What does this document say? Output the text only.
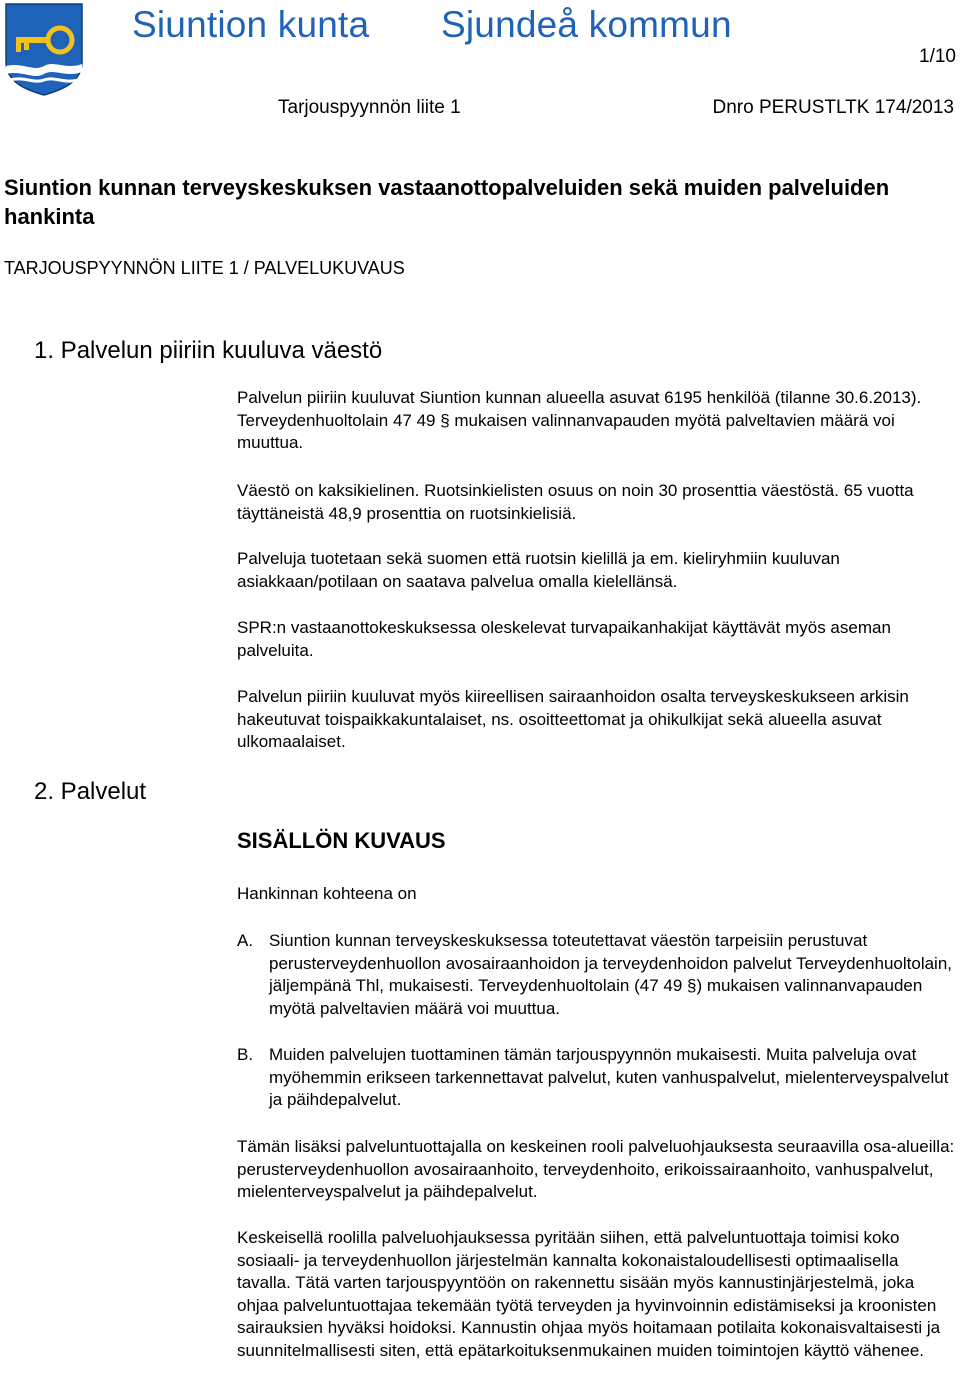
Siuntion kunta Sjundeå kommun
1/10
Tarjouspyynnön liite 1	Dnro PERUSTLTK 174/2013
Siuntion kunnan terveyskeskuksen vastaanottopalveluiden sekä muiden palveluiden hankinta
TARJOUSPYYNNÖN LIITE 1 / PALVELUKUVAUS
1. Palvelun piiriin kuuluva väestö

Palvelun piiriin kuuluvat Siuntion kunnan alueella asuvat 6195 henkilöä (tilanne 30.6.2013). Terveydenhuoltolain 47 49 § mukaisen valinnanvapauden myötä palveltavien määrä voi muuttua.

Väestö on kaksikielinen. Ruotsinkielisten osuus on noin 30 prosenttia väestöstä. 65 vuotta täyttäneistä 48,9 prosenttia on ruotsinkielisiä.

Palveluja tuotetaan sekä suomen että ruotsin kielillä ja em. kieliryhmiin kuuluvan asiakkaan/potilaan on saatava palvelua omalla kielellänsä.

SPR:n vastaanottokeskuksessa oleskelevat turvapaikanhakijat käyttävät myös aseman palveluita.

Palvelun piiriin kuuluvat myös kiireellisen sairaanhoidon osalta terveyskeskukseen arkisin hakeutuvat toispaikkakuntalaiset, ns. osoitteettomat ja ohikulkijat sekä alueella asuvat ulkomaalaiset.

2. Palvelut
SISÄLLÖN KUVAUS

Hankinnan kohteena on

A. Siuntion kunnan terveyskeskuksessa toteutettavat väestön tarpeisiin perustuvat perusterveydenhuollon avosairaanhoidon ja terveydenhoidon palvelut Terveydenhuoltolain, jäljempänä Thl, mukaisesti. Terveydenhuoltolain (47 49 §) mukaisen valinnanvapauden myötä palveltavien määrä voi muuttua.
B. Muiden palvelujen tuottaminen tämän tarjouspyynnön mukaisesti. Muita palveluja ovat myöhemmin erikseen tarkennettavat palvelut, kuten vanhuspalvelut, mielenterveyspalvelut ja päihdepalvelut.

Tämän lisäksi palveluntuottajalla on keskeinen rooli palveluohjauksesta seuraavilla osa-alueilla: perusterveydenhuollon avosairaanhoito, terveydenhoito, erikoissairaanhoito, vanhuspalvelut, mielenterveyspalvelut ja päihdepalvelut.

Keskeisellä roolilla palveluohjauksessa pyritään siihen, että palveluntuottaja toimisi koko sosiaali- ja terveydenhuollon järjestelmän kannalta kokonaistaloudellisesti optimaalisella tavalla. Tätä varten tarjouspyyntöön on rakennettu sisään myös kannustinjärjestelmä, joka ohjaa palveluntuottajaa tekemään työtä terveyden ja hyvinvoinnin edistämiseksi ja kroonisten sairauksien hyväksi hoidoksi. Kannustin ohjaa myös hoitamaan potilaita kokonaisvaltaisesti ja suunnitelmallisesti siten, että epätarkoituksenmukainen muiden toimintojen käyttö vähenee.
